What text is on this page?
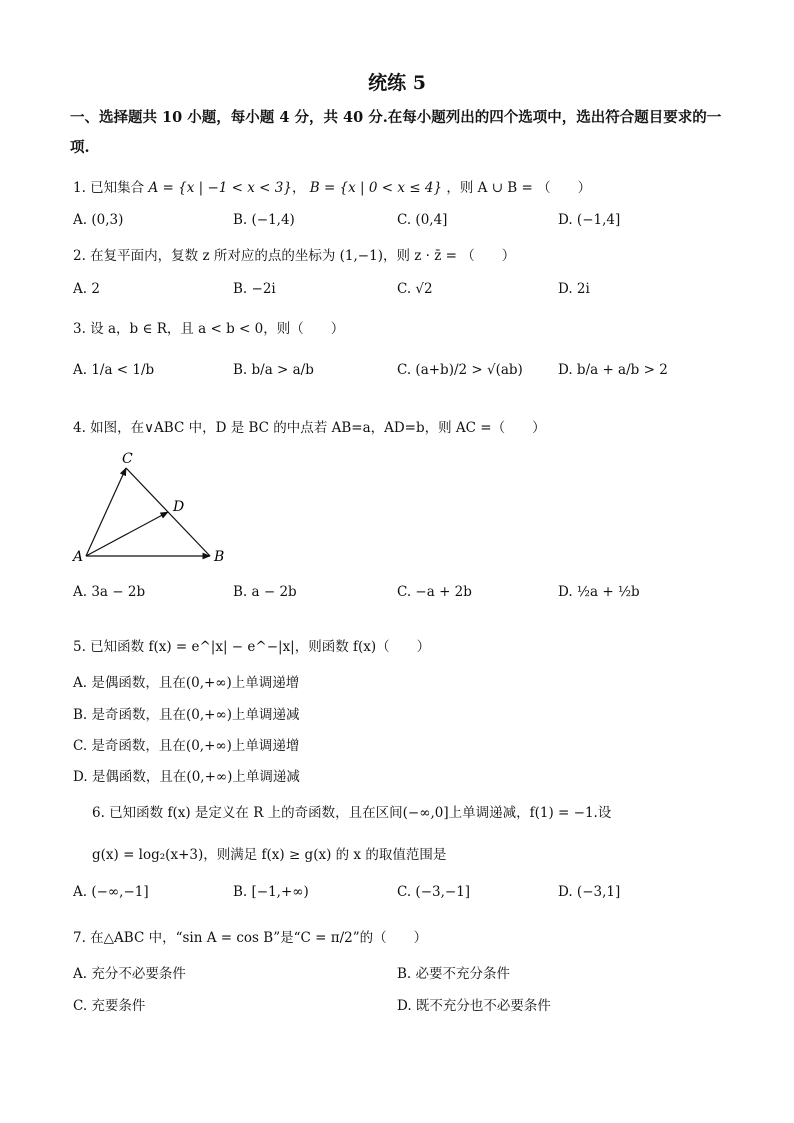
统练 5
一、选择题共 10 小题，每小题 4 分，共 40 分.在每小题列出的四个选项中，选出符合题目要求的一项.
1. 已知集合 A = {x | −1 < x < 3}， B = {x | 0 < x ≤ 4} ，则 A ∪ B = （　　）
A. (0,3)	B. (−1,4)	C. (0,4]	D. (−1,4]
2. 在复平面内，复数 z 所对应的点的坐标为 (1,−1)，则 z · z̄ = （　　）
A. 2	B. −2i	C. √2	D. 2i
3. 设 a，b ∈ R，且 a < b < 0，则（　　）
A. 1/a < 1/b	B. b/a > a/b	C. (a+b)/2 > √(ab)	D. b/a + a/b > 2
4. 如图，在∨ABC 中，D 是 BC 的中点若 AB=a，AD=b，则 AC =（　　）
C
D
A	B
A. 3a − 2b	B. a − 2b	C. −a + 2b	D. ½a + ½b
5. 已知函数 f(x) = e^|x| − e^−|x|，则函数 f(x)（　　）
A. 是偶函数，且在(0,+∞)上单调递增
B. 是奇函数，且在(0,+∞)上单调递减
C. 是奇函数，且在(0,+∞)上单调递增
D. 是偶函数，且在(0,+∞)上单调递减
6. 已知函数 f(x) 是定义在 R 上的奇函数，且在区间(−∞,0]上单调递减，f(1) = −1.设
g(x) = log₂(x+3)，则满足 f(x) ≥ g(x) 的 x 的取值范围是
A. (−∞,−1]	B. [−1,+∞)	C. (−3,−1]	D. (−3,1]
7. 在△ABC 中，“sin A = cos B”是“C = π/2”的（　　）
A. 充分不必要条件	B. 必要不充分条件
C. 充要条件	D. 既不充分也不必要条件
